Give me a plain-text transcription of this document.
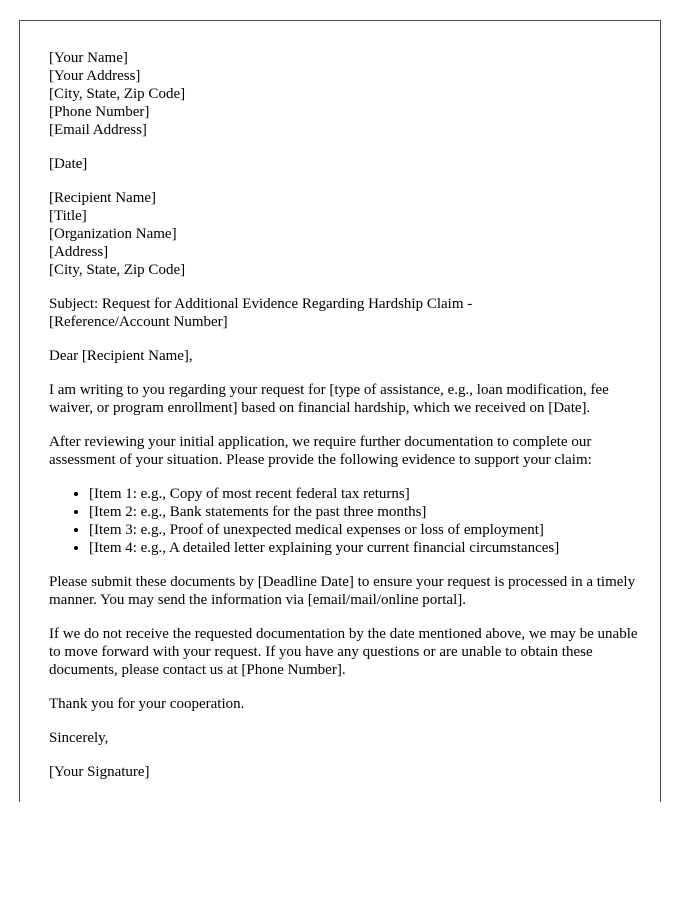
[Your Name]
[Your Address]
[City, State, Zip Code]
[Phone Number]
[Email Address]

[Date]

[Recipient Name]
[Title]
[Organization Name]
[Address]
[City, State, Zip Code]

Subject: Request for Additional Evidence Regarding Hardship Claim -
[Reference/Account Number]

Dear [Recipient Name],

I am writing to you regarding your request for [type of assistance, e.g., loan modification, fee waiver, or program enrollment] based on financial hardship, which we received on [Date].

After reviewing your initial application, we require further documentation to complete our assessment of your situation. Please provide the following evidence to support your claim:

• [Item 1: e.g., Copy of most recent federal tax returns]
• [Item 2: e.g., Bank statements for the past three months]
• [Item 3: e.g., Proof of unexpected medical expenses or loss of employment]
• [Item 4: e.g., A detailed letter explaining your current financial circumstances]

Please submit these documents by [Deadline Date] to ensure your request is processed in a timely manner. You may send the information via [email/mail/online portal].

If we do not receive the requested documentation by the date mentioned above, we may be unable to move forward with your request. If you have any questions or are unable to obtain these documents, please contact us at [Phone Number].

Thank you for your cooperation.

Sincerely,

[Your Signature]
